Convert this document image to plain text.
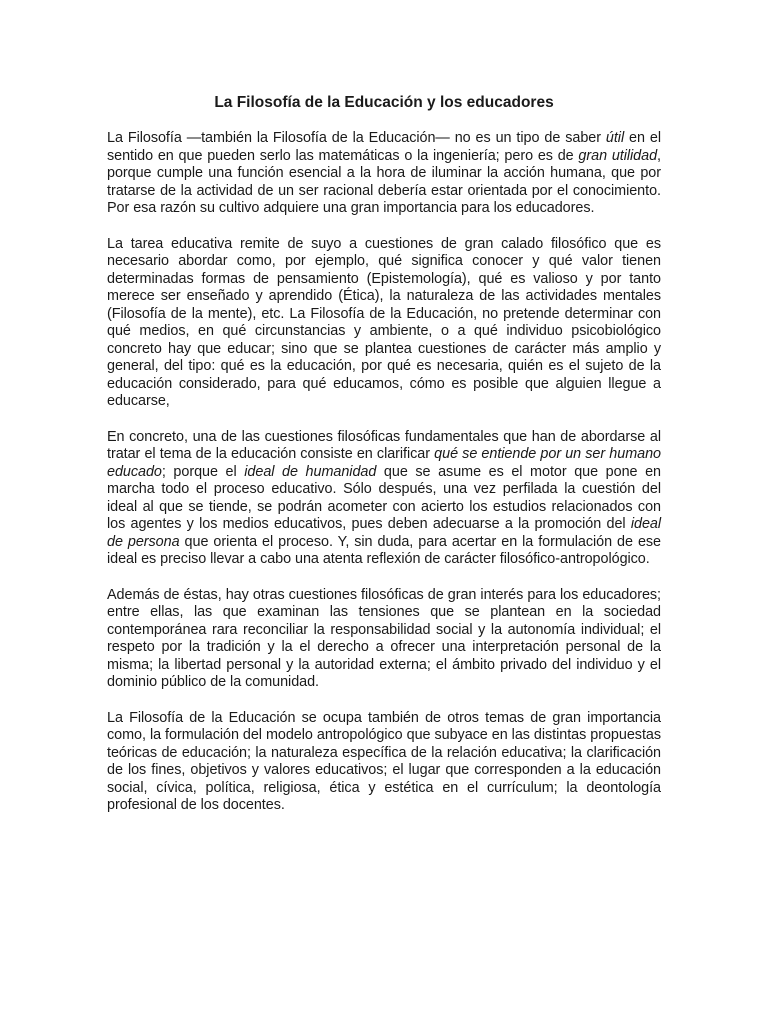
La Filosofía de la Educación y los educadores

La Filosofía —también la Filosofía de la Educación— no es un tipo de saber útil en el sentido en que pueden serlo las matemáticas o la ingeniería; pero es de gran utilidad, porque cumple una función esencial a la hora de iluminar la acción humana, que por tratarse de la actividad de un ser racional debería estar orientada por el conocimiento. Por esa razón su cultivo adquiere una gran importancia para los educadores.

La tarea educativa remite de suyo a cuestiones de gran calado filosófico que es necesario abordar como, por ejemplo, qué significa conocer y qué valor tienen determinadas formas de pensamiento (Epistemología), qué es valioso y por tanto merece ser enseñado y aprendido (Ética), la naturaleza de las actividades mentales (Filosofía de la mente), etc. La Filosofía de la Educación, no pretende determinar con qué medios, en qué circunstancias y ambiente, o a qué individuo psicobiológico concreto hay que educar; sino que se plantea cuestiones de carácter más amplio y general, del tipo: qué es la educación, por qué es necesaria, quién es el sujeto de la educación considerado, para qué educamos, cómo es posible que alguien llegue a educarse,

En concreto, una de las cuestiones filosóficas fundamentales que han de abordarse al tratar el tema de la educación consiste en clarificar qué se entiende por un ser humano educado; porque el ideal de humanidad que se asume es el motor que pone en marcha todo el proceso educativo. Sólo después, una vez perfilada la cuestión del ideal al que se tiende, se podrán acometer con acierto los estudios relacionados con los agentes y los medios educativos, pues deben adecuarse a la promoción del ideal de persona que orienta el proceso. Y, sin duda, para acertar en la formulación de ese ideal es preciso llevar a cabo una atenta reflexión de carácter filosófico-antropológico.

Además de éstas, hay otras cuestiones filosóficas de gran interés para los educadores; entre ellas, las que examinan las tensiones que se plantean en la sociedad contemporánea rara reconciliar la responsabilidad social y la autonomía individual; el respeto por la tradición y la el derecho a ofrecer una interpretación personal de la misma; la libertad personal y la autoridad externa; el ámbito privado del individuo y el dominio público de la comunidad.

La Filosofía de la Educación se ocupa también de otros temas de gran importancia como, la formulación del modelo antropológico que subyace en las distintas propuestas teóricas de educación; la naturaleza específica de la relación educativa; la clarificación de los fines, objetivos y valores educativos; el lugar que corresponden a la educación social, cívica, política, religiosa, ética y estética en el currículum; la deontología profesional de los docentes.
